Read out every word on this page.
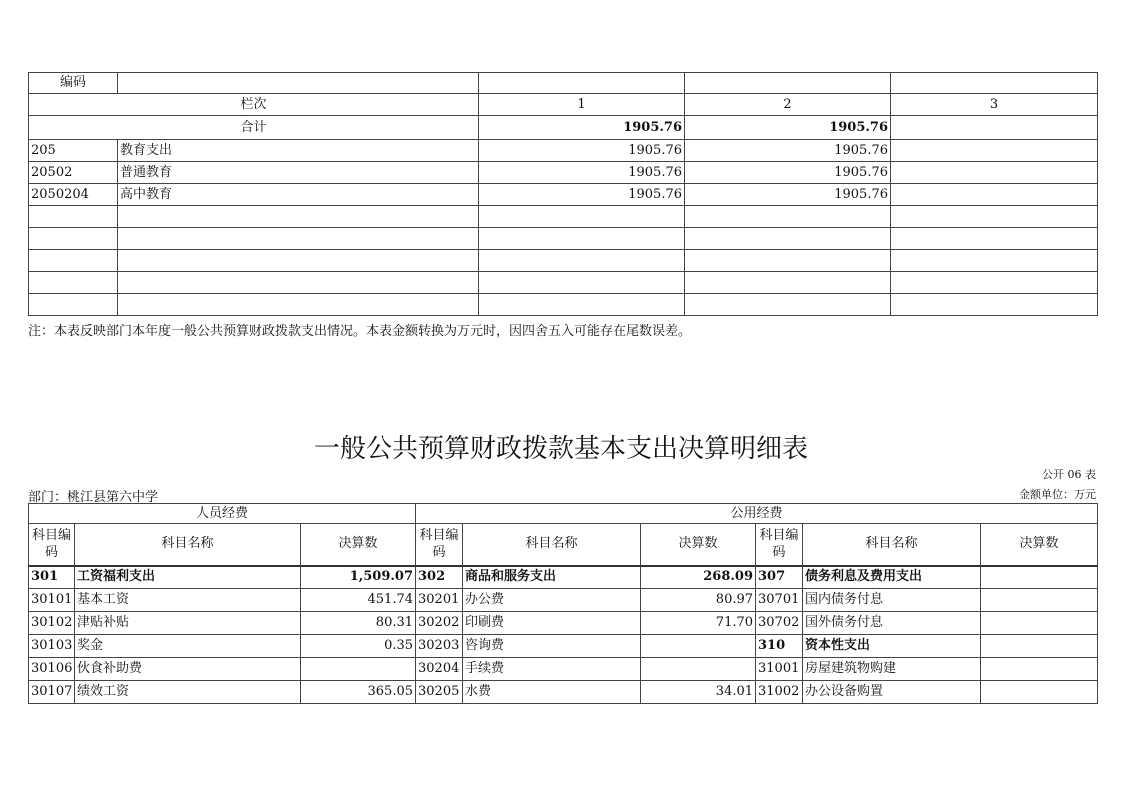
编码				
栏次		1	2	3
合计		1905.76	1905.76	
205	教育支出	1905.76	1905.76	
20502	普通教育	1905.76	1905.76	
2050204	高中教育	1905.76	1905.76	

注：本表反映部门本年度一般公共预算财政拨款支出情况。本表金额转换为万元时，因四舍五入可能存在尾数误差。
一般公共预算财政拨款基本支出决算明细表
公开 06 表
部门：桃江县第六中学	金额单位：万元
人员经费			公用经费					
科目编码	科目名称	决算数	科目编码	科目名称	决算数	科目编码	科目名称	决算数
301	工资福利支出	1,509.07	302	商品和服务支出	268.09	307	债务利息及费用支出	
30101	基本工资	451.74	30201	办公费	80.97	30701	国内债务付息	
30102	津贴补贴	80.31	30202	印刷费	71.70	30702	国外债务付息	
30103	奖金	0.35	30203	咨询费		310	资本性支出	
30106	伙食补助费		30204	手续费		31001	房屋建筑物购建	
30107	绩效工资	365.05	30205	水费	34.01	31002	办公设备购置	
